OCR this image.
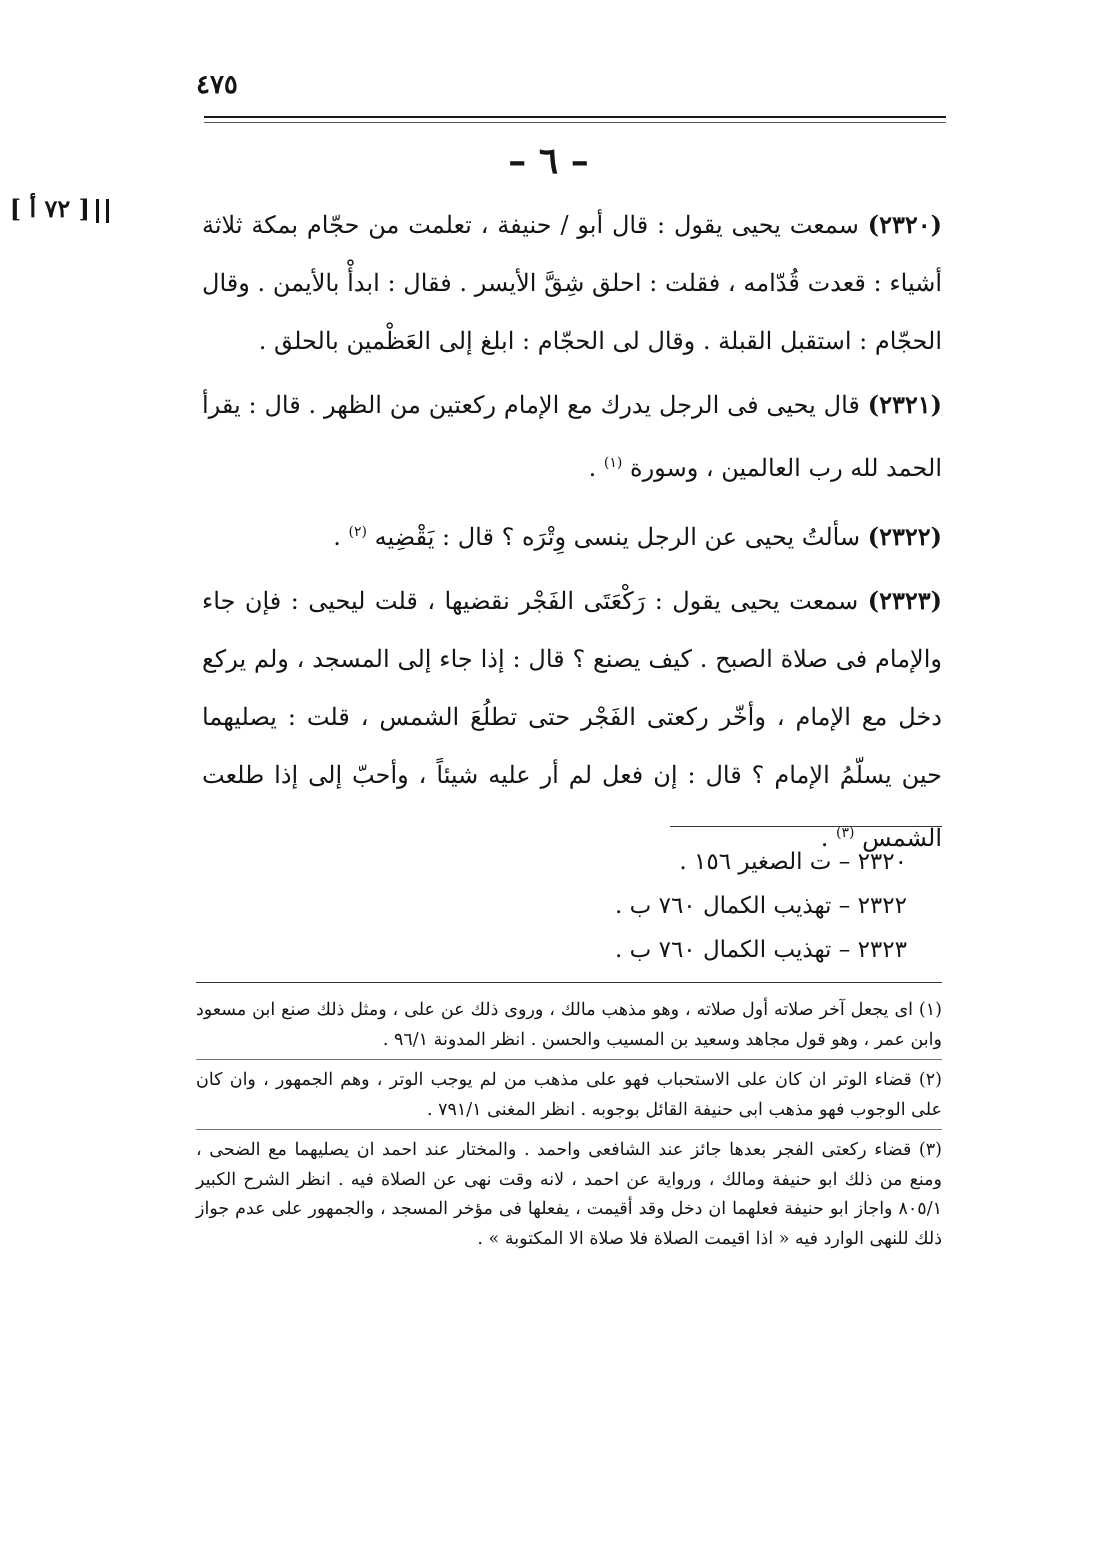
٤٧٥
– ٦ –
[ ٧٢ أ ]

(٢٣٢٠) سمعت يحيى يقول : قال أبو / حنيفة ، تعلمت من حجّام بمكة ثلاثة أشياء : قعدت قُدّامه ، فقلت : احلق شِقَّ الأيسر . فقال : ابدأْ بالأيمن . وقال الحجّام : استقبل القبلة . وقال لى الحجّام : ابلغ إلى العَظْمين بالحلق .

(٢٣٢١) قال يحيى فى الرجل يدرك مع الإمام ركعتين من الظهر . قال : يقرأ الحمد لله رب العالمين ، وسورة $^{(١)}$ .

(٢٣٢٢) سألتُ يحيى عن الرجل ينسى وِتْرَه ؟ قال : يَقْضِيه $^{(٢)}$ .

(٢٣٢٣) سمعت يحيى يقول : رَكْعَتَى الفَجْر نقضيها ، قلت ليحيى : فإن جاء والإمام فى صلاة الصبح . كيف يصنع ؟ قال : إذا جاء إلى المسجد ، ولم يركع دخل مع الإمام ، وأخّر ركعتى الفَجْر حتى تطلُعَ الشمس ، قلت : يصليهما حين يسلّمُ الإمام ؟ قال : إن فعل لم أر عليه شيئاً ، وأحبّ إلى إذا طلعت الشمس $^{(٣)}$ .

٢٣٢٠ – ت الصغير ١٥٦ .

٢٣٢٢ – تهذيب الكمال ٧٦٠ ب .

٢٣٢٣ – تهذيب الكمال ٧٦٠ ب .

(١) اى يجعل آخر صلاته أول صلاته ، وهو مذهب مالك ، وروى ذلك عن على ، ومثل ذلك صنع ابن مسعود وابن عمر ، وهو قول مجاهد وسعيد بن المسيب والحسن . انظر المدونة ٩٦/١ .

(٢) قضاء الوتر ان كان على الاستحباب فهو على مذهب من لم يوجب الوتر ، وهم الجمهور ، وان كان على الوجوب فهو مذهب ابى حنيفة القائل بوجوبه . انظر المغنى ٧٩١/١ .

(٣) قضاء ركعتى الفجر بعدها جائز عند الشافعى واحمد . والمختار عند احمد ان يصليهما مع الضحى ، ومنع من ذلك ابو حنيفة ومالك ، ورواية عن احمد ، لانه وقت نهى عن الصلاة فيه . انظر الشرح الكبير ٨٠٥/١ واجاز ابو حنيفة فعلهما ان دخل وقد أقيمت ، يفعلها فى مؤخر المسجد ، والجمهور على عدم جواز ذلك للنهى الوارد فيه « اذا اقيمت الصلاة فلا صلاة الا المكتوبة » .
